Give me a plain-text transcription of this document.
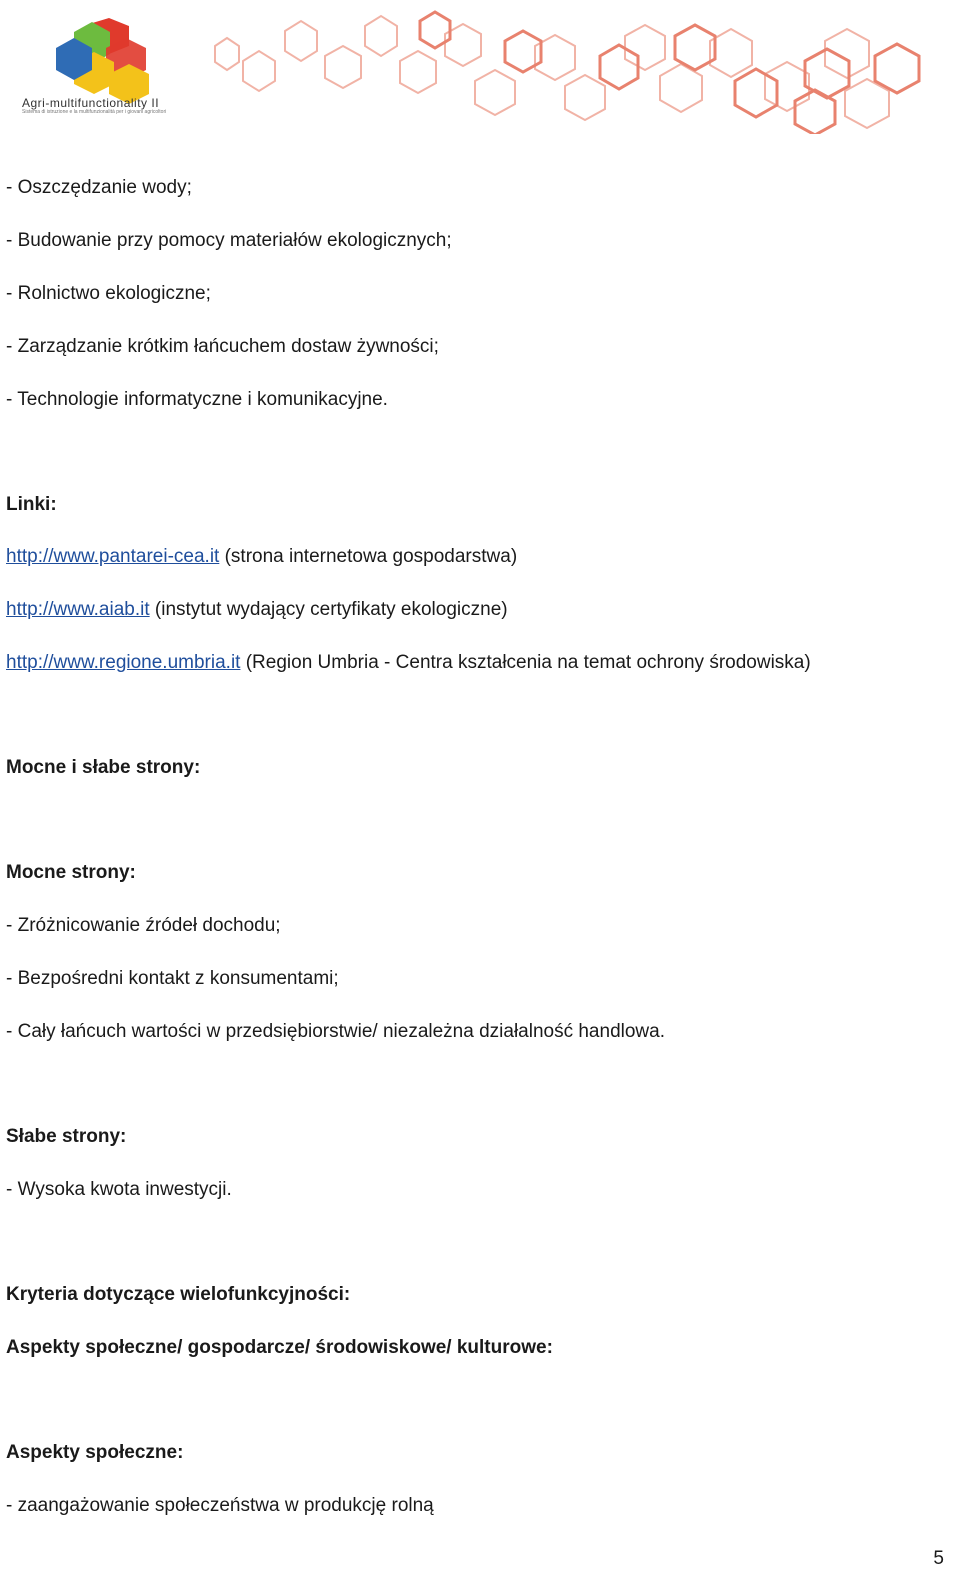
Agri-multifunctionality II
Sistema di istruzione e la multifunzionalità per i giovani agricoltori
- Oszczędzanie wody;
- Budowanie przy pomocy materiałów ekologicznych;
- Rolnictwo ekologiczne;
- Zarządzanie krótkim łańcuchem dostaw żywności;
- Technologie informatyczne i komunikacyjne.
Linki:
http://www.pantarei-cea.it (strona internetowa gospodarstwa)
http://www.aiab.it (instytut wydający certyfikaty ekologiczne)
http://www.regione.umbria.it (Region Umbria - Centra kształcenia na temat ochrony środowiska)
Mocne i słabe strony:
Mocne strony:
- Zróżnicowanie źródeł dochodu;
- Bezpośredni kontakt z konsumentami;
- Cały łańcuch wartości w przedsiębiorstwie/ niezależna działalność handlowa.
Słabe strony:
- Wysoka kwota inwestycji.
Kryteria dotyczące wielofunkcyjności:
Aspekty społeczne/ gospodarcze/ środowiskowe/ kulturowe:
Aspekty społeczne:
- zaangażowanie społeczeństwa w produkcję rolną
5
